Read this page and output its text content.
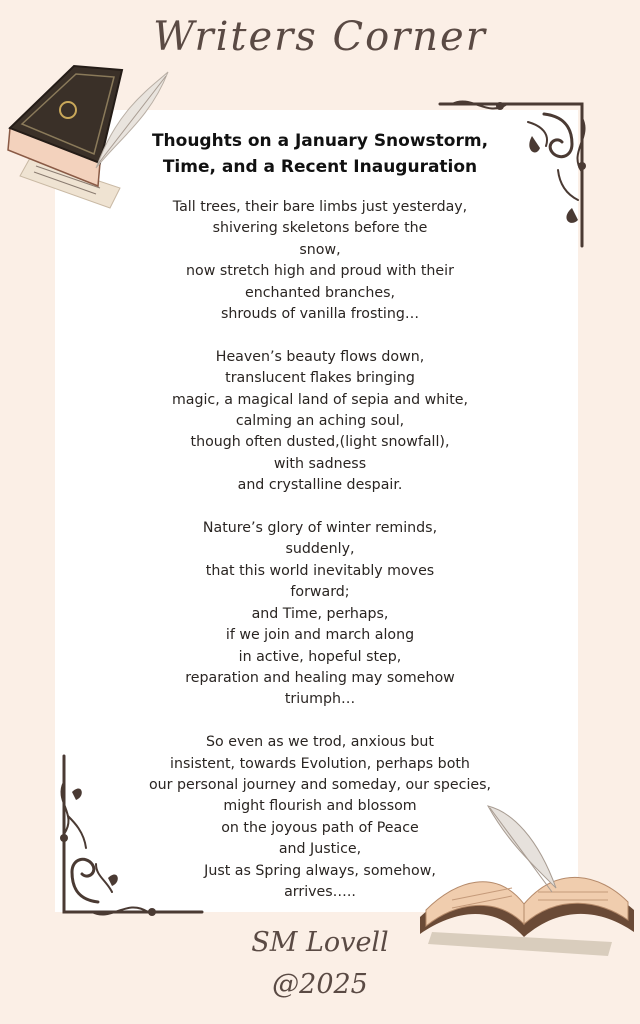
Writers Corner
Thoughts on a January Snowstorm,
Time, and a Recent Inauguration
Tall trees, their bare limbs just yesterday,
shivering skeletons before the
snow,
now stretch high and proud with their
enchanted branches,
shrouds of vanilla frosting…
Heaven’s beauty flows down,
translucent flakes bringing
magic, a magical land of sepia and white,
calming an aching soul,
though often dusted,(light snowfall),
with sadness
and crystalline despair.
Nature’s glory of winter reminds,
suddenly,
that this world inevitably moves
forward;
and Time, perhaps,
if we join and march along
in active, hopeful step,
reparation and healing may somehow
triumph…
So even as we trod, anxious but
insistent, towards Evolution, perhaps both
our personal journey and someday, our species,
might flourish and blossom
on the joyous path of Peace
and Justice,
Just as Spring always, somehow,
arrives…..
SM Lovell
@2025
